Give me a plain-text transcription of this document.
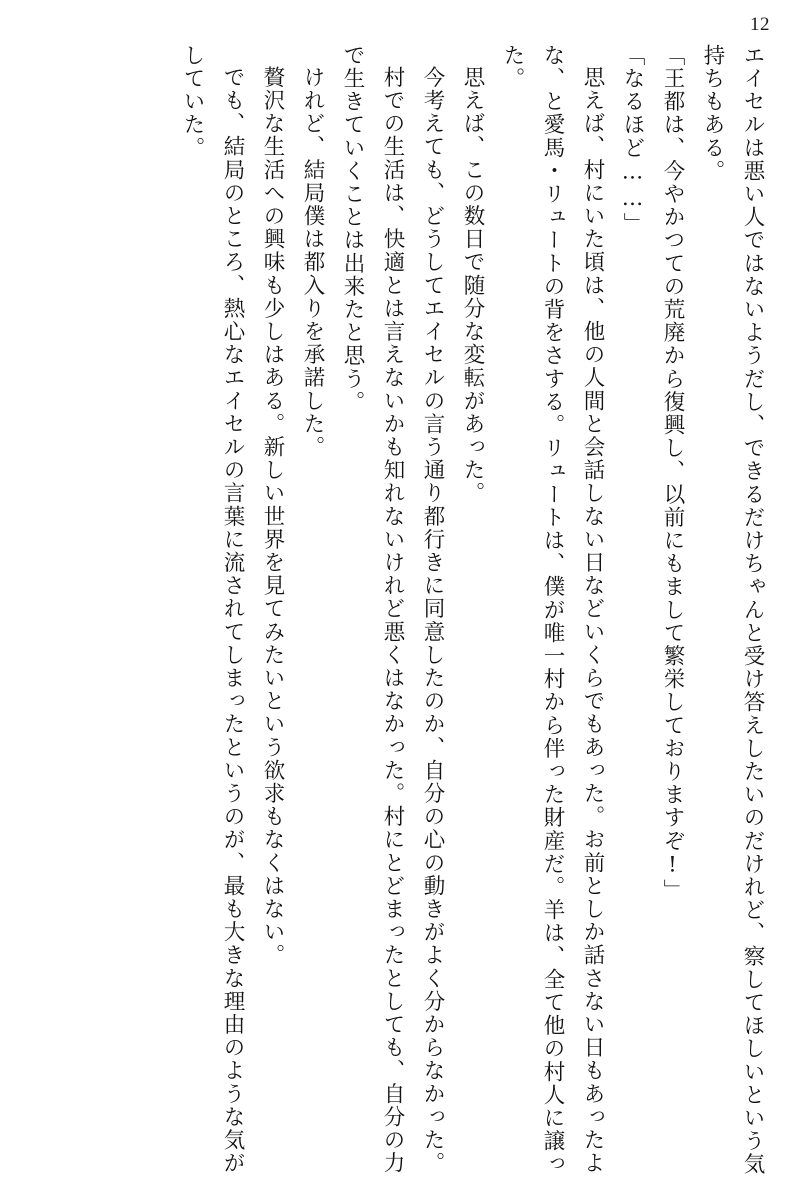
12

エイセルは悪い人ではないようだし、できるだけちゃんと受け答えしたいのだけれど、察してほしいという気持ちもある。

「王都は、今やかつての荒廃から復興し、以前にもまして繁栄しておりますぞ!」

「なるほど……」

思えば、村にいた頃は、他の人間と会話しない日などいくらでもあった。お前としか話さない日もあったよな、と愛馬・リュートの背をさする。リュートは、僕が唯一村から伴った財産だ。羊は、全て他の村人に譲った。

思えば、この数日で随分な変転があった。

今考えても、どうしてエイセルの言う通り都行きに同意したのか、自分の心の動きがよく分からなかった。

村での生活は、快適とは言えないかも知れないけれど悪くはなかった。村にとどまったとしても、自分の力で生きていくことは出来たと思う。

けれど、結局僕は都入りを承諾した。

贅沢な生活への興味も少しはある。新しい世界を見てみたいという欲求もなくはない。

でも、結局のところ、熱心なエイセルの言葉に流されてしまったというのが、最も大きな理由のような気がしていた。
